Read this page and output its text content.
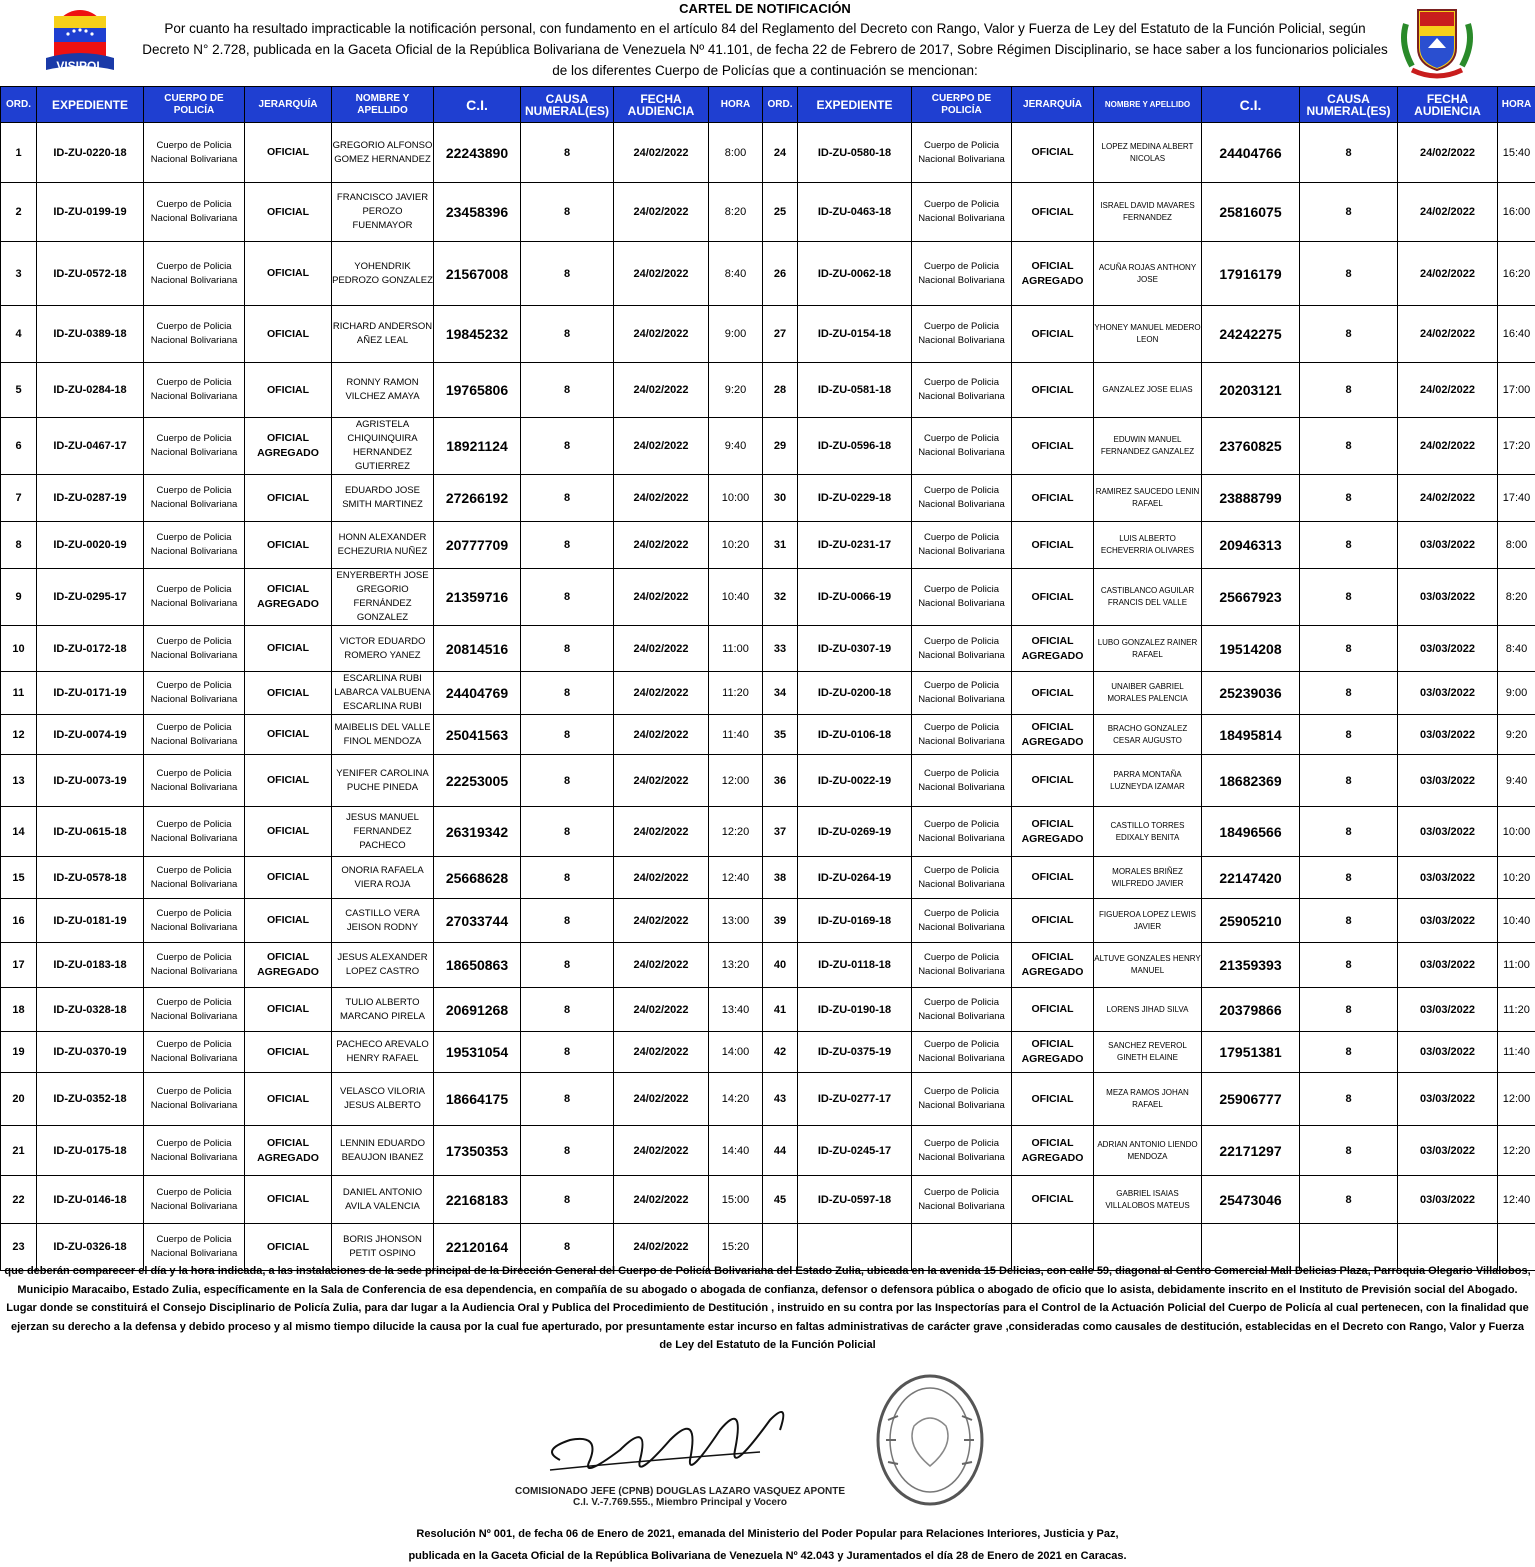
VISIPOL
CARTEL DE NOTIFICACIÓN
Por cuanto ha resultado impracticable la notificación personal, con fundamento en el artículo 84 del Reglamento del Decreto con Rango, Valor y Fuerza de Ley del Estatuto de la Función Policial, según Decreto N° 2.728, publicada en la Gaceta Oficial de la República Bolivariana de Venezuela Nº 41.101, de fecha 22 de Febrero de 2017, Sobre Régimen Disciplinario, se hace saber a los funcionarios policiales de los diferentes Cuerpo de Policías que a continuación se mencionan:
ORD.	EXPEDIENTE	CUERPO DE POLICÍA	JERARQUÍA	NOMBRE Y APELLIDO	C.I.	CAUSA NUMERAL(ES)	FECHA AUDIENCIA	HORA	ORD.	EXPEDIENTE	CUERPO DE POLICÍA	JERARQUÍA	NOMBRE Y APELLIDO	C.I.	CAUSA NUMERAL(ES)	FECHA AUDIENCIA	HORA
1	ID-ZU-0220-18	Cuerpo de Policia Nacional Bolivariana	OFICIAL	GREGORIO ALFONSO GOMEZ HERNANDEZ	22243890	8	24/02/2022	8:00	24	ID-ZU-0580-18	Cuerpo de Policia Nacional Bolivariana	OFICIAL	LOPEZ MEDINA ALBERT NICOLAS	24404766	8	24/02/2022	15:40
2	ID-ZU-0199-19	Cuerpo de Policia Nacional Bolivariana	OFICIAL	FRANCISCO JAVIER PEROZO FUENMAYOR	23458396	8	24/02/2022	8:20	25	ID-ZU-0463-18	Cuerpo de Policia Nacional Bolivariana	OFICIAL	ISRAEL DAVID MAVARES FERNANDEZ	25816075	8	24/02/2022	16:00
3	ID-ZU-0572-18	Cuerpo de Policia Nacional Bolivariana	OFICIAL	YOHENDRIK PEDROZO GONZALEZ	21567008	8	24/02/2022	8:40	26	ID-ZU-0062-18	Cuerpo de Policia Nacional Bolivariana	OFICIAL AGREGADO	ACUÑA ROJAS ANTHONY JOSE	17916179	8	24/02/2022	16:20
4	ID-ZU-0389-18	Cuerpo de Policia Nacional Bolivariana	OFICIAL	RICHARD ANDERSON AÑEZ LEAL	19845232	8	24/02/2022	9:00	27	ID-ZU-0154-18	Cuerpo de Policia Nacional Bolivariana	OFICIAL	YHONEY MANUEL MEDERO LEON	24242275	8	24/02/2022	16:40
5	ID-ZU-0284-18	Cuerpo de Policia Nacional Bolivariana	OFICIAL	RONNY RAMON VILCHEZ AMAYA	19765806	8	24/02/2022	9:20	28	ID-ZU-0581-18	Cuerpo de Policia Nacional Bolivariana	OFICIAL	GANZALEZ JOSE ELIAS	20203121	8	24/02/2022	17:00
6	ID-ZU-0467-17	Cuerpo de Policia Nacional Bolivariana	OFICIAL AGREGADO	AGRISTELA CHIQUINQUIRA HERNANDEZ GUTIERREZ	18921124	8	24/02/2022	9:40	29	ID-ZU-0596-18	Cuerpo de Policia Nacional Bolivariana	OFICIAL	EDUWIN MANUEL FERNANDEZ GANZALEZ	23760825	8	24/02/2022	17:20
7	ID-ZU-0287-19	Cuerpo de Policia Nacional Bolivariana	OFICIAL	EDUARDO JOSE SMITH MARTINEZ	27266192	8	24/02/2022	10:00	30	ID-ZU-0229-18	Cuerpo de Policia Nacional Bolivariana	OFICIAL	RAMIREZ SAUCEDO LENIN RAFAEL	23888799	8	24/02/2022	17:40
8	ID-ZU-0020-19	Cuerpo de Policia Nacional Bolivariana	OFICIAL	HONN ALEXANDER ECHEZURIA NUÑEZ	20777709	8	24/02/2022	10:20	31	ID-ZU-0231-17	Cuerpo de Policia Nacional Bolivariana	OFICIAL	LUIS ALBERTO ECHEVERRIA OLIVARES	20946313	8	03/03/2022	8:00
9	ID-ZU-0295-17	Cuerpo de Policia Nacional Bolivariana	OFICIAL AGREGADO	ENYERBERTH JOSE GREGORIO FERNÁNDEZ GONZALEZ	21359716	8	24/02/2022	10:40	32	ID-ZU-0066-19	Cuerpo de Policia Nacional Bolivariana	OFICIAL	CASTIBLANCO AGUILAR FRANCIS DEL VALLE	25667923	8	03/03/2022	8:20
10	ID-ZU-0172-18	Cuerpo de Policia Nacional Bolivariana	OFICIAL	VICTOR EDUARDO ROMERO YANEZ	20814516	8	24/02/2022	11:00	33	ID-ZU-0307-19	Cuerpo de Policia Nacional Bolivariana	OFICIAL AGREGADO	LUBO GONZALEZ RAINER RAFAEL	19514208	8	03/03/2022	8:40
11	ID-ZU-0171-19	Cuerpo de Policia Nacional Bolivariana	OFICIAL	ESCARLINA RUBI LABARCA VALBUENA ESCARLINA RUBI	24404769	8	24/02/2022	11:20	34	ID-ZU-0200-18	Cuerpo de Policia Nacional Bolivariana	OFICIAL	UNAIBER GABRIEL MORALES PALENCIA	25239036	8	03/03/2022	9:00
12	ID-ZU-0074-19	Cuerpo de Policia Nacional Bolivariana	OFICIAL	MAIBELIS DEL VALLE FINOL MENDOZA	25041563	8	24/02/2022	11:40	35	ID-ZU-0106-18	Cuerpo de Policia Nacional Bolivariana	OFICIAL AGREGADO	BRACHO GONZALEZ CESAR AUGUSTO	18495814	8	03/03/2022	9:20
13	ID-ZU-0073-19	Cuerpo de Policia Nacional Bolivariana	OFICIAL	YENIFER CAROLINA PUCHE PINEDA	22253005	8	24/02/2022	12:00	36	ID-ZU-0022-19	Cuerpo de Policia Nacional Bolivariana	OFICIAL	PARRA MONTAÑA LUZNEYDA IZAMAR	18682369	8	03/03/2022	9:40
14	ID-ZU-0615-18	Cuerpo de Policia Nacional Bolivariana	OFICIAL	JESUS MANUEL FERNANDEZ PACHECO	26319342	8	24/02/2022	12:20	37	ID-ZU-0269-19	Cuerpo de Policia Nacional Bolivariana	OFICIAL AGREGADO	CASTILLO TORRES EDIXALY BENITA	18496566	8	03/03/2022	10:00
15	ID-ZU-0578-18	Cuerpo de Policia Nacional Bolivariana	OFICIAL	ONORIA RAFAELA VIERA ROJA	25668628	8	24/02/2022	12:40	38	ID-ZU-0264-19	Cuerpo de Policia Nacional Bolivariana	OFICIAL	MORALES BRIÑEZ WILFREDO JAVIER	22147420	8	03/03/2022	10:20
16	ID-ZU-0181-19	Cuerpo de Policia Nacional Bolivariana	OFICIAL	CASTILLO VERA JEISON RODNY	27033744	8	24/02/2022	13:00	39	ID-ZU-0169-18	Cuerpo de Policia Nacional Bolivariana	OFICIAL	FIGUEROA LOPEZ LEWIS JAVIER	25905210	8	03/03/2022	10:40
17	ID-ZU-0183-18	Cuerpo de Policia Nacional Bolivariana	OFICIAL AGREGADO	JESUS ALEXANDER LOPEZ CASTRO	18650863	8	24/02/2022	13:20	40	ID-ZU-0118-18	Cuerpo de Policia Nacional Bolivariana	OFICIAL AGREGADO	ALTUVE GONZALES HENRY MANUEL	21359393	8	03/03/2022	11:00
18	ID-ZU-0328-18	Cuerpo de Policia Nacional Bolivariana	OFICIAL	TULIO ALBERTO MARCANO PIRELA	20691268	8	24/02/2022	13:40	41	ID-ZU-0190-18	Cuerpo de Policia Nacional Bolivariana	OFICIAL	LORENS JIHAD SILVA	20379866	8	03/03/2022	11:20
19	ID-ZU-0370-19	Cuerpo de Policia Nacional Bolivariana	OFICIAL	PACHECO AREVALO HENRY RAFAEL	19531054	8	24/02/2022	14:00	42	ID-ZU-0375-19	Cuerpo de Policia Nacional Bolivariana	OFICIAL AGREGADO	SANCHEZ REVEROL GINETH ELAINE	17951381	8	03/03/2022	11:40
20	ID-ZU-0352-18	Cuerpo de Policia Nacional Bolivariana	OFICIAL	VELASCO VILORIA JESUS ALBERTO	18664175	8	24/02/2022	14:20	43	ID-ZU-0277-17	Cuerpo de Policia Nacional Bolivariana	OFICIAL	MEZA RAMOS JOHAN RAFAEL	25906777	8	03/03/2022	12:00
21	ID-ZU-0175-18	Cuerpo de Policia Nacional Bolivariana	OFICIAL AGREGADO	LENNIN EDUARDO BEAUJON IBANEZ	17350353	8	24/02/2022	14:40	44	ID-ZU-0245-17	Cuerpo de Policia Nacional Bolivariana	OFICIAL AGREGADO	ADRIAN ANTONIO LIENDO MENDOZA	22171297	8	03/03/2022	12:20
22	ID-ZU-0146-18	Cuerpo de Policia Nacional Bolivariana	OFICIAL	DANIEL ANTONIO AVILA VALENCIA	22168183	8	24/02/2022	15:00	45	ID-ZU-0597-18	Cuerpo de Policia Nacional Bolivariana	OFICIAL	GABRIEL ISAIAS VILLALOBOS MATEUS	25473046	8	03/03/2022	12:40
23	ID-ZU-0326-18	Cuerpo de Policia Nacional Bolivariana	OFICIAL	BORIS JHONSON PETIT OSPINO	22120164	8	24/02/2022	15:20									
que deberán comparecer el día y la hora indicada, a las instalaciones de la sede principal de la Dirección General del Cuerpo de Policía Bolivariana del Estado Zulia, ubicada en la avenida 15 Delicias, con calle 59, diagonal al Centro Comercial Mall Delicias Plaza, Parroquia Olegario Villalobos, Municipio Maracaibo, Estado Zulia, específicamente en la Sala de Conferencia de esa dependencia, en compañía de su abogado o abogada de confianza, defensor o defensora pública o abogado de oficio que lo asista, debidamente inscrito en el Instituto de Previsión social del Abogado. Lugar donde se constituirá el Consejo Disciplinario de Policía Zulia, para dar lugar a la Audiencia Oral y Publica del Procedimiento de Destitución , instruido en su contra por las Inspectorías para el Control de la Actuación Policial del Cuerpo de Policía al cual pertenecen, con la finalidad que ejerzan su derecho a la defensa y debido proceso y al mismo tiempo dilucide la causa por la cual fue aperturado, por presuntamente estar incurso en faltas administrativas de carácter grave ,consideradas como causales de destitución, establecidas en el Decreto con Rango, Valor y Fuerza de Ley del Estatuto de la Función Policial
COMISIONADO JEFE (CPNB) DOUGLAS LAZARO VASQUEZ APONTE
C.I. V.-7.769.555., Miembro Principal y Vocero
Resolución Nº 001, de fecha 06 de Enero de 2021, emanada del Ministerio del Poder Popular para Relaciones Interiores, Justicia y Paz,
publicada en la Gaceta Oficial de la República Bolivariana de Venezuela Nº 42.043 y Juramentados el día 28 de Enero de 2021 en Caracas.
